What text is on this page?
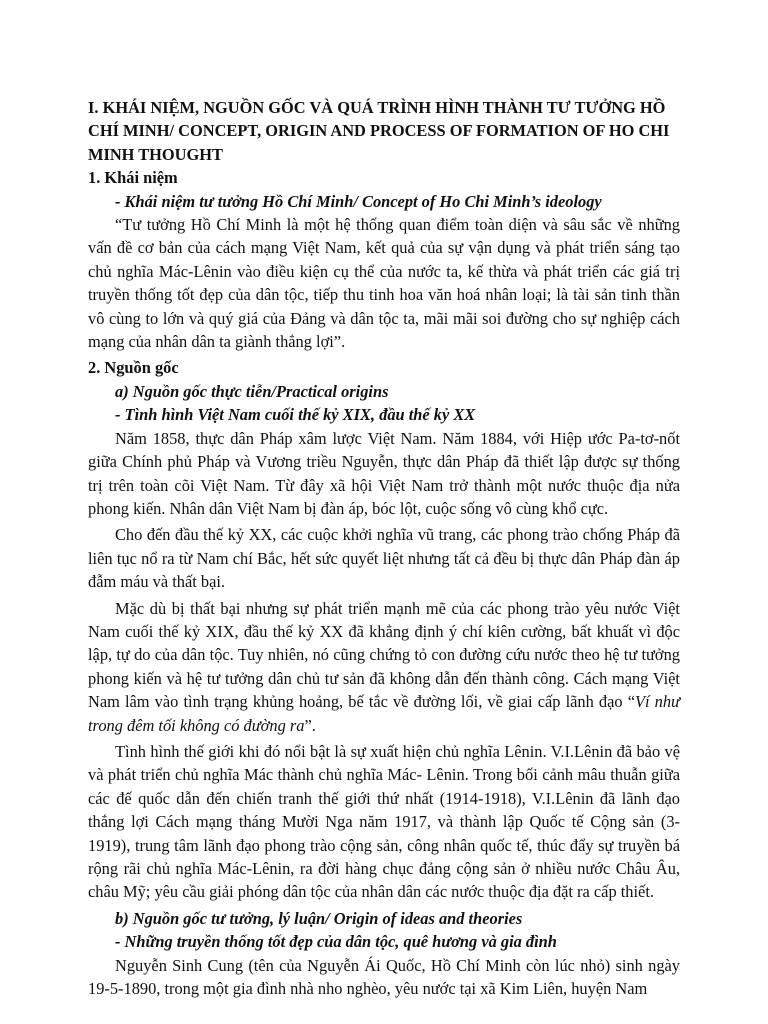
I. KHÁI NIỆM, NGUỒN GỐC VÀ QUÁ TRÌNH HÌNH THÀNH TƯ TƯỞNG HỒ CHÍ MINH/ CONCEPT, ORIGIN AND PROCESS OF FORMATION OF HO CHI MINH THOUGHT

1. Khái niệm

- Khái niệm tư tưởng Hồ Chí Minh/ Concept of Ho Chi Minh’s ideology

“Tư tưởng Hồ Chí Minh là một hệ thống quan điểm toàn diện và sâu sắc về những vấn đề cơ bản của cách mạng Việt Nam, kết quả của sự vận dụng và phát triển sáng tạo chủ nghĩa Mác-Lênin vào điều kiện cụ thể của nước ta, kế thừa và phát triển các giá trị truyền thống tốt đẹp của dân tộc, tiếp thu tinh hoa văn hoá nhân loại; là tài sản tinh thần vô cùng to lớn và quý giá của Đảng và dân tộc ta, mãi mãi soi đường cho sự nghiệp cách mạng của nhân dân ta giành thắng lợi”.

2. Nguồn gốc

a) Nguồn gốc thực tiễn/Practical origins

- Tình hình Việt Nam cuối thế kỷ XIX, đầu thế kỷ XX

Năm 1858, thực dân Pháp xâm lược Việt Nam. Năm 1884, với Hiệp ước Pa-tơ-nốt giữa Chính phủ Pháp và Vương triều Nguyễn, thực dân Pháp đã thiết lập được sự thống trị trên toàn cõi Việt Nam. Từ đây xã hội Việt Nam trở thành một nước thuộc địa nửa phong kiến. Nhân dân Việt Nam bị đàn áp, bóc lột, cuộc sống vô cùng khổ cực.

Cho đến đầu thế kỷ XX, các cuộc khởi nghĩa vũ trang, các phong trào chống Pháp đã liên tục nổ ra từ Nam chí Bắc, hết sức quyết liệt nhưng tất cả đều bị thực dân Pháp đàn áp đẫm máu và thất bại.

Mặc dù bị thất bại nhưng sự phát triển mạnh mẽ của các phong trào yêu nước Việt Nam cuối thế kỷ XIX, đầu thế kỷ XX đã khẳng định ý chí kiên cường, bất khuất vì độc lập, tự do của dân tộc. Tuy nhiên, nó cũng chứng tỏ con đường cứu nước theo hệ tư tưởng phong kiến và hệ tư tưởng dân chủ tư sản đã không dẫn đến thành công. Cách mạng Việt Nam lâm vào tình trạng khủng hoảng, bế tắc về đường lối, về giai cấp lãnh đạo “Ví như trong đêm tối không có đường ra”.

Tình hình thế giới khi đó nổi bật là sự xuất hiện chủ nghĩa Lênin. V.I.Lênin đã bảo vệ và phát triển chủ nghĩa Mác thành chủ nghĩa Mác- Lênin. Trong bối cảnh mâu thuẫn giữa các đế quốc dẫn đến chiến tranh thế giới thứ nhất (1914-1918), V.I.Lênin đã lãnh đạo thắng lợi Cách mạng tháng Mười Nga năm 1917, và thành lập Quốc tế Cộng sản (3-1919), trung tâm lãnh đạo phong trào cộng sản, công nhân quốc tế, thúc đẩy sự truyền bá rộng rãi chủ nghĩa Mác-Lênin, ra đời hàng chục đảng cộng sản ở nhiều nước Châu Âu, châu Mỹ; yêu cầu giải phóng dân tộc của nhân dân các nước thuộc địa đặt ra cấp thiết.

b) Nguồn gốc tư tưởng, lý luận/ Origin of ideas and theories

- Những truyền thống tốt đẹp của dân tộc, quê hương và gia đình

Nguyễn Sinh Cung (tên của Nguyễn Ái Quốc, Hồ Chí Minh còn lúc nhỏ) sinh ngày 19-5-1890, trong một gia đình nhà nho nghèo, yêu nước tại xã Kim Liên, huyện Nam
